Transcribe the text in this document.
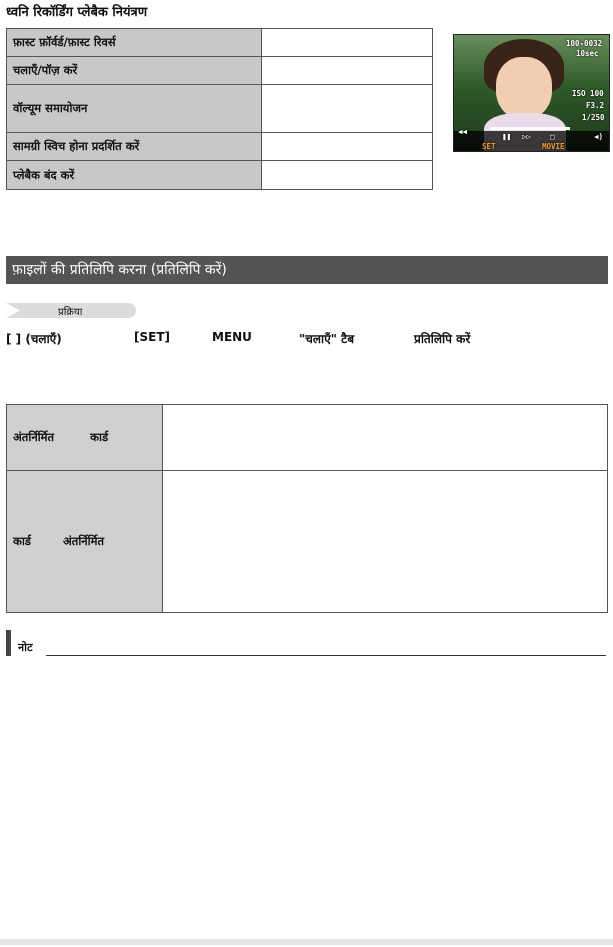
ध्वनि रिकॉर्डिंग प्लेबैक नियंत्रण
फ़ास्ट फ़ॉर्वर्ड/फ़ास्ट रिवर्स	
चलाएँ/पॉज़ करें	
वॉल्यूम समायोजन	
सामग्री स्विच होना प्रदर्शित करें	
प्लेबैक बंद करें	
100-0032
10sec
ISO 100
F3.2
1/250
◀◀
❚❚ ▷▷	□	◀)
SET	MOVIE
फ़ाइलों की प्रतिलिपि करना (प्रतिलिपि करें)
प्रक्रिया
[ ] (चलाएँ)	[SET]	MENU	"चलाएँ" टैब	प्रतिलिपि करें
अंतर्निर्मित कार्ड	
कार्ड अंतर्निर्मित	
नोट
